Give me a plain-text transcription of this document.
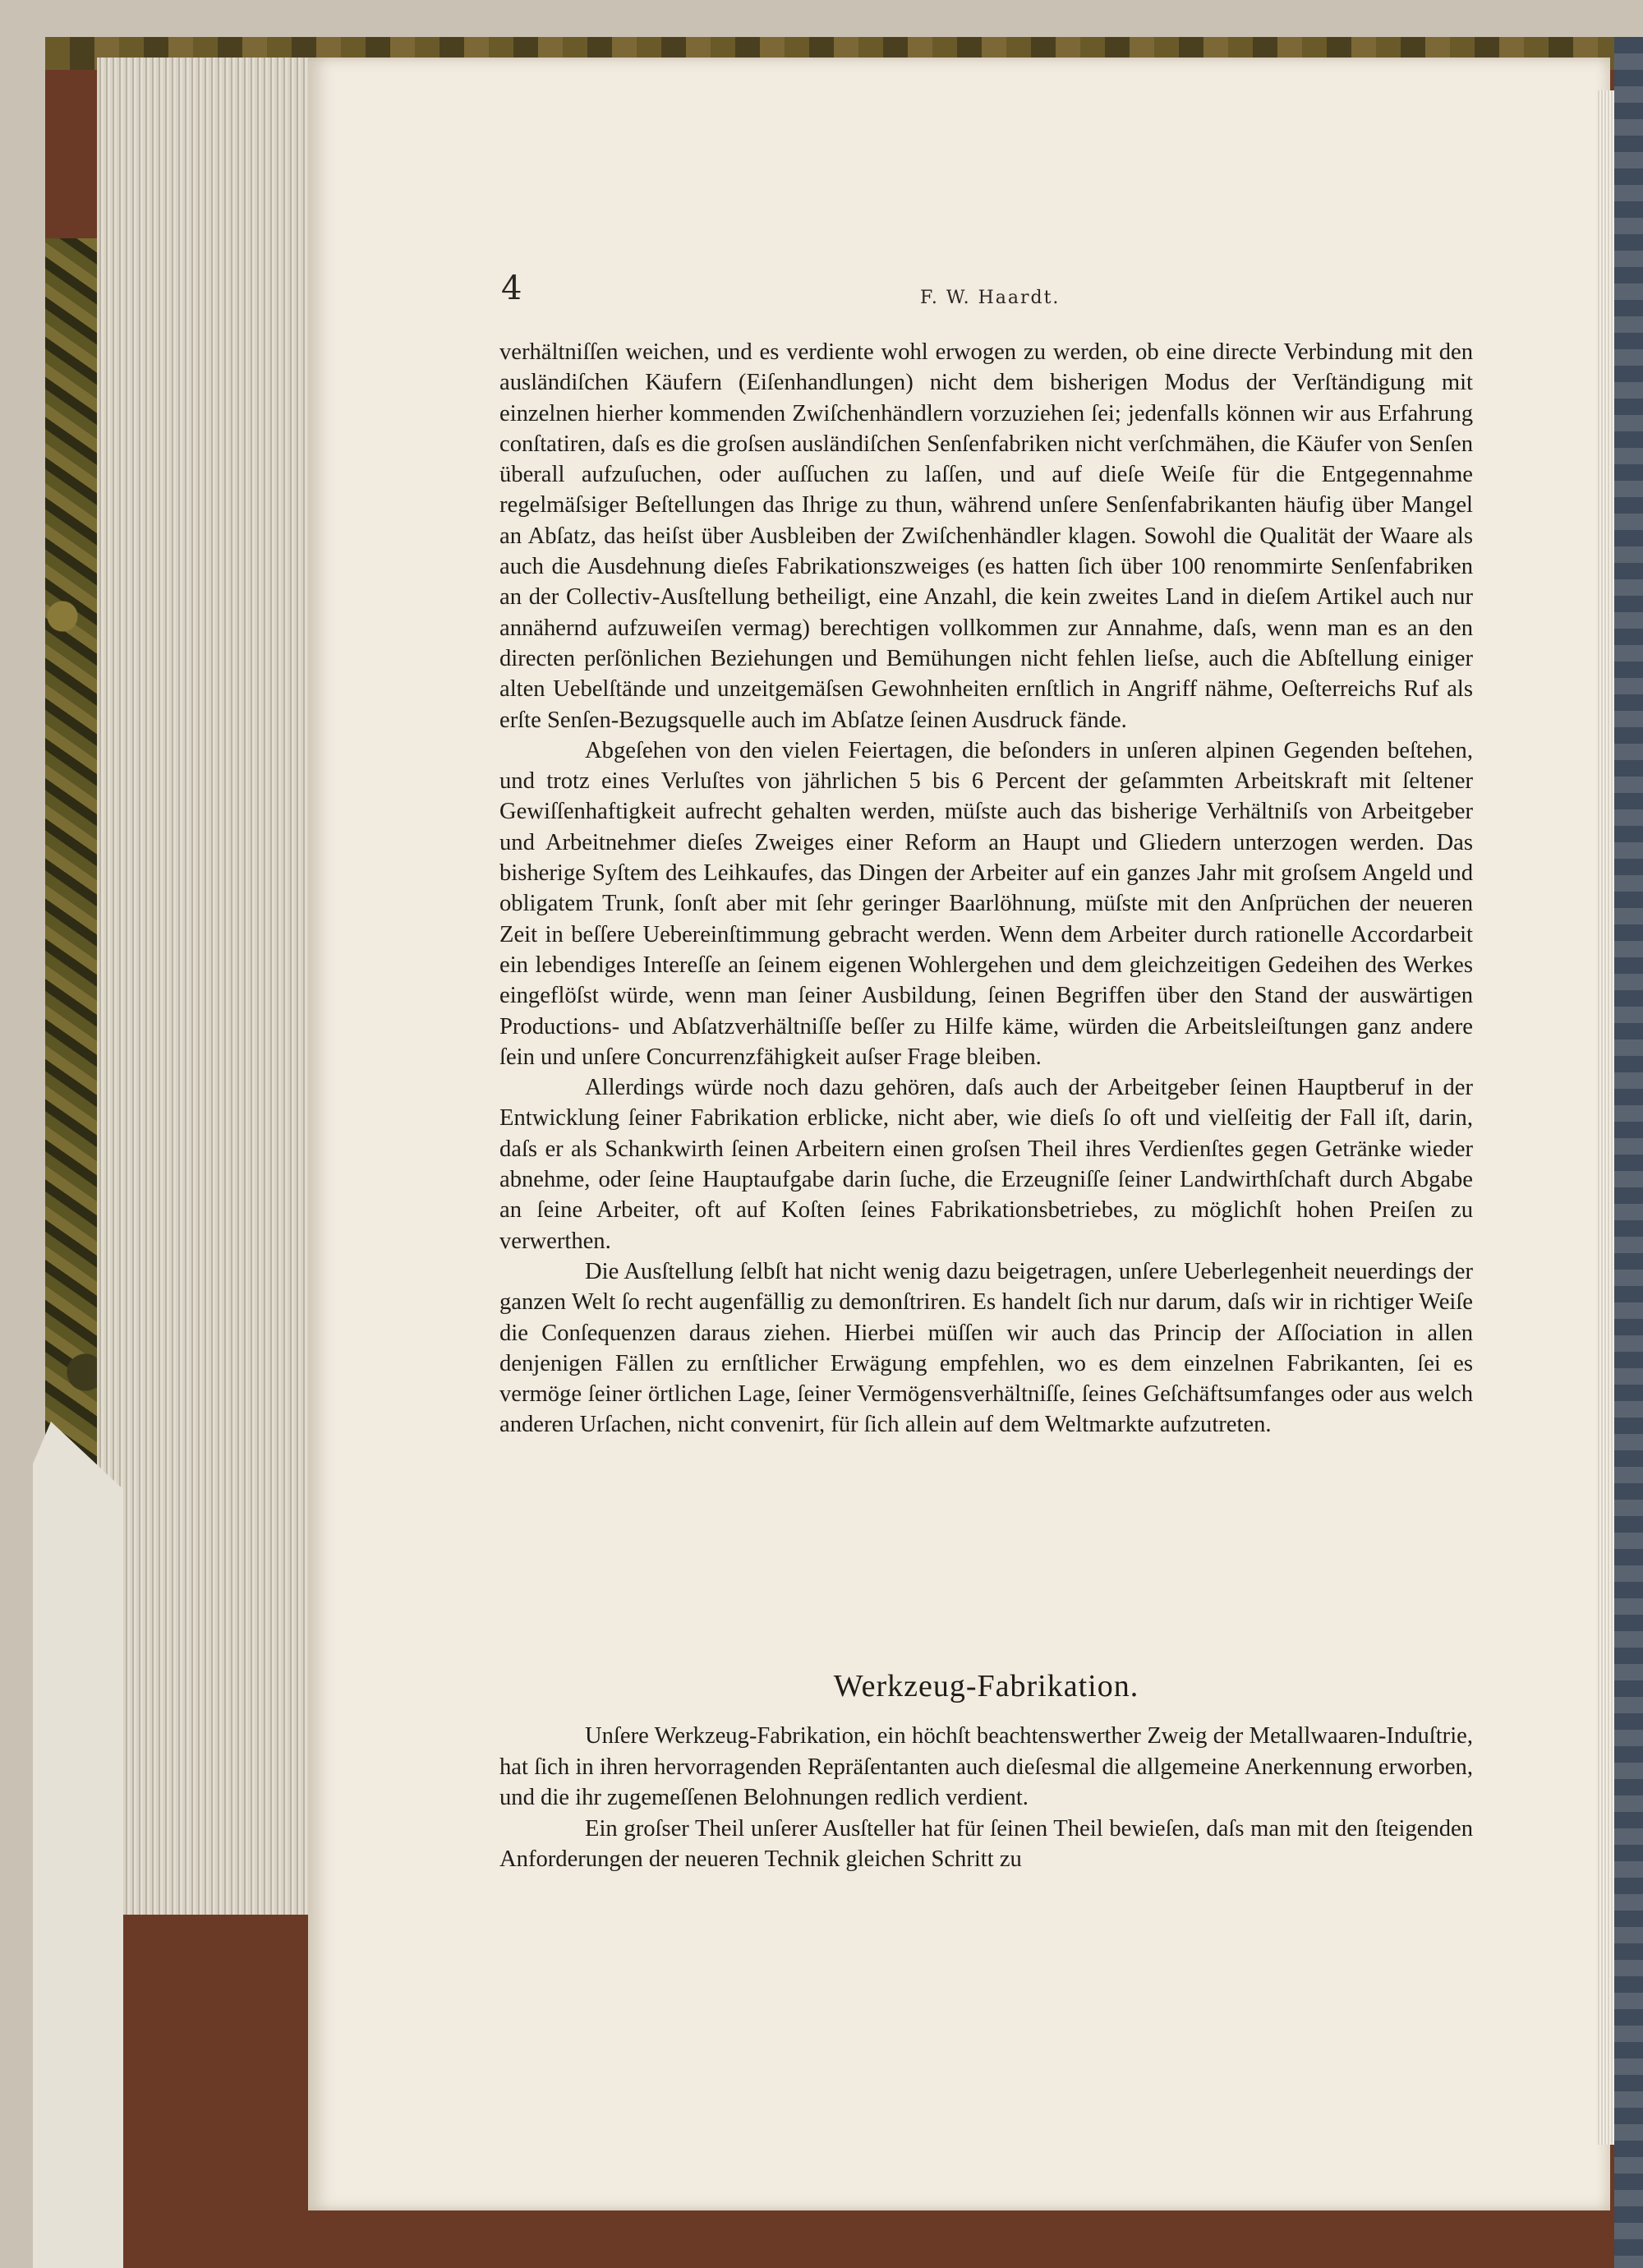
4	F. W. Haardt.

verhältniſſen weichen, und es verdiente wohl erwogen zu werden, ob eine directe Verbindung mit den ausländiſchen Käufern (Eiſenhandlungen) nicht dem bisherigen Modus der Verſtändigung mit einzelnen hierher kommenden Zwiſchenhändlern vorzuziehen ſei; jedenfalls können wir aus Erfahrung conſtatiren, daſs es die groſsen ausländiſchen Senſenfabriken nicht verſchmähen, die Käufer von Senſen überall aufzuſuchen, oder auſſuchen zu laſſen, und auf dieſe Weiſe für die Entgegennahme regelmäſsiger Beſtellungen das Ihrige zu thun, während unſere Senſenfabrikanten häufig über Mangel an Abſatz, das heiſst über Ausbleiben der Zwiſchenhändler klagen. Sowohl die Qualität der Waare als auch die Ausdehnung dieſes Fabrikationszweiges (es hatten ſich über 100 renommirte Senſenfabriken an der Collectiv-Ausſtellung betheiligt, eine Anzahl, die kein zweites Land in dieſem Artikel auch nur annähernd aufzuweiſen vermag) berechtigen vollkommen zur Annahme, daſs, wenn man es an den directen perſönlichen Beziehungen und Bemühungen nicht fehlen lieſse, auch die Abſtellung einiger alten Uebelſtände und unzeitgemäſsen Gewohnheiten ernſtlich in Angriff nähme, Oeſterreichs Ruf als erſte Senſen-Bezugsquelle auch im Abſatze ſeinen Ausdruck fände.

Abgeſehen von den vielen Feiertagen, die beſonders in unſeren alpinen Gegenden beſtehen, und trotz eines Verluſtes von jährlichen 5 bis 6 Percent der geſammten Arbeitskraft mit ſeltener Gewiſſenhaftigkeit aufrecht gehalten werden, müſste auch das bisherige Verhältniſs von Arbeitgeber und Arbeitnehmer dieſes Zweiges einer Reform an Haupt und Gliedern unterzogen werden. Das bisherige Syſtem des Leihkaufes, das Dingen der Arbeiter auf ein ganzes Jahr mit groſsem Angeld und obligatem Trunk, ſonſt aber mit ſehr geringer Baarlöhnung, müſste mit den Anſprüchen der neueren Zeit in beſſere Uebereinſtimmung gebracht werden. Wenn dem Arbeiter durch rationelle Accordarbeit ein lebendiges Intereſſe an ſeinem eigenen Wohlergehen und dem gleichzeitigen Gedeihen des Werkes eingeflöſst würde, wenn man ſeiner Ausbildung, ſeinen Begriffen über den Stand der auswärtigen Productions- und Abſatzverhältniſſe beſſer zu Hilfe käme, würden die Arbeitsleiſtungen ganz andere ſein und unſere Concurrenzfähigkeit auſser Frage bleiben.

Allerdings würde noch dazu gehören, daſs auch der Arbeitgeber ſeinen Hauptberuf in der Entwicklung ſeiner Fabrikation erblicke, nicht aber, wie dieſs ſo oft und vielſeitig der Fall iſt, darin, daſs er als Schankwirth ſeinen Arbeitern einen groſsen Theil ihres Verdienſtes gegen Getränke wieder abnehme, oder ſeine Hauptaufgabe darin ſuche, die Erzeugniſſe ſeiner Landwirthſchaft durch Abgabe an ſeine Arbeiter, oft auf Koſten ſeines Fabrikationsbetriebes, zu möglichſt hohen Preiſen zu verwerthen.

Die Ausſtellung ſelbſt hat nicht wenig dazu beigetragen, unſere Ueberlegenheit neuerdings der ganzen Welt ſo recht augenfällig zu demonſtriren. Es handelt ſich nur darum, daſs wir in richtiger Weiſe die Conſequenzen daraus ziehen. Hierbei müſſen wir auch das Princip der Aſſociation in allen denjenigen Fällen zu ernſtlicher Erwägung empfehlen, wo es dem einzelnen Fabrikanten, ſei es vermöge ſeiner örtlichen Lage, ſeiner Vermögensverhältniſſe, ſeines Geſchäftsumfanges oder aus welch anderen Urſachen, nicht convenirt, für ſich allein auf dem Weltmarkte aufzutreten.

Werkzeug-Fabrikation.

Unſere Werkzeug-Fabrikation, ein höchſt beachtenswerther Zweig der Metallwaaren-Induſtrie, hat ſich in ihren hervorragenden Repräſentanten auch dieſesmal die allgemeine Anerkennung erworben, und die ihr zugemeſſenen Belohnungen redlich verdient.

Ein groſser Theil unſerer Ausſteller hat für ſeinen Theil bewieſen, daſs man mit den ſteigenden Anforderungen der neueren Technik gleichen Schritt zu
